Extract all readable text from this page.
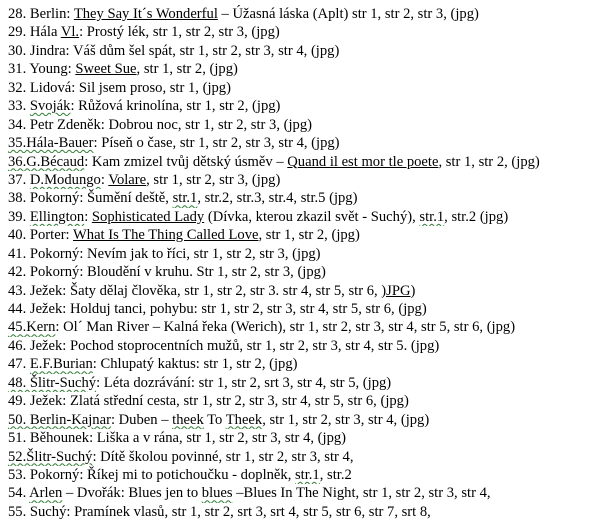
28. Berlin: They Say It´s Wonderful – Úžasná láska (Aplt) str 1, str 2, str 3, (jpg)
29. Hála Vl.: Prostý lék, str 1, str 2, str 3, (jpg)
30. Jindra: Váš dům šel spát, str 1, str 2, str 3, str 4, (jpg)
31. Young: Sweet Sue, str 1, str 2, (jpg)
32. Lidová: Sil jsem proso, str 1, (jpg)
33. Svoják: Růžová krinolína, str 1, str 2, (jpg)
34. Petr Zdeněk: Dobrou noc, str 1, str 2, str 3, (jpg)
35.Hála-Bauer: Píseň o čase, str 1, str 2, str 3, str 4, (jpg)
36.G.Bécaud: Kam zmizel tvůj dětský úsměv – Quand il est mor tle poete, str 1, str 2, (jpg)
37. D.Modungo: Volare, str 1, str 2, str 3, (jpg)
38. Pokorný: Šumění deště, str.1, str.2, str.3, str.4, str.5 (jpg)
39. Ellington: Sophisticated Lady (Dívka, kterou zkazil svět - Suchý), str.1, str.2 (jpg)
40. Porter: What Is The Thing Called Love, str 1, str 2, (jpg)
41. Pokorný: Nevím jak to říci, str 1, str 2, str 3, (jpg)
42. Pokorný: Bloudění v kruhu. Str 1, str 2, str 3, (jpg)
43. Ježek: Šaty dělaj člověka, str 1, str 2, str 3. str 4, str 5, str 6, )JPG)
44. Ježek: Holduj tanci, pohybu: str 1, str 2, str 3, str 4, str 5, str 6, (jpg)
45.Kern: Ol´ Man River – Kalná řeka (Werich), str 1, str 2, str 3, str 4, str 5, str 6, (jpg)
46. Ježek: Pochod stoprocentních mužů, str 1, str 2, str 3, str 4, str 5. (jpg)
47. E.F.Burian: Chlupatý kaktus: str 1, str 2, (jpg)
48. Šlitr-Suchý: Léta dozrávání: str 1, str 2, srt 3, str 4, str 5, (jpg)
49. Ježek: Zlatá střední cesta, str 1, str 2, str 3, str 4, str 5, str 6, (jpg)
50. Berlin-Kajnar: Duben – theek To Theek, str 1, str 2, str 3, str 4, (jpg)
51. Běhounek: Liška a v rána, str 1, str 2, str 3, str 4, (jpg)
52.Šlitr-Suchý: Dítě školou povinné, str 1, str 2, str 3, str 4,
53. Pokorný: Říkej mi to potichoučku - doplněk, str.1, str.2
54. Arlen – Dvořák: Blues jen to blues –Blues In The Night, str 1, str 2, str 3, str 4,
55. Suchý: Pramínek vlasů, str 1, str 2, srt 3, srt 4, str 5, str 6, str 7, srt 8,
